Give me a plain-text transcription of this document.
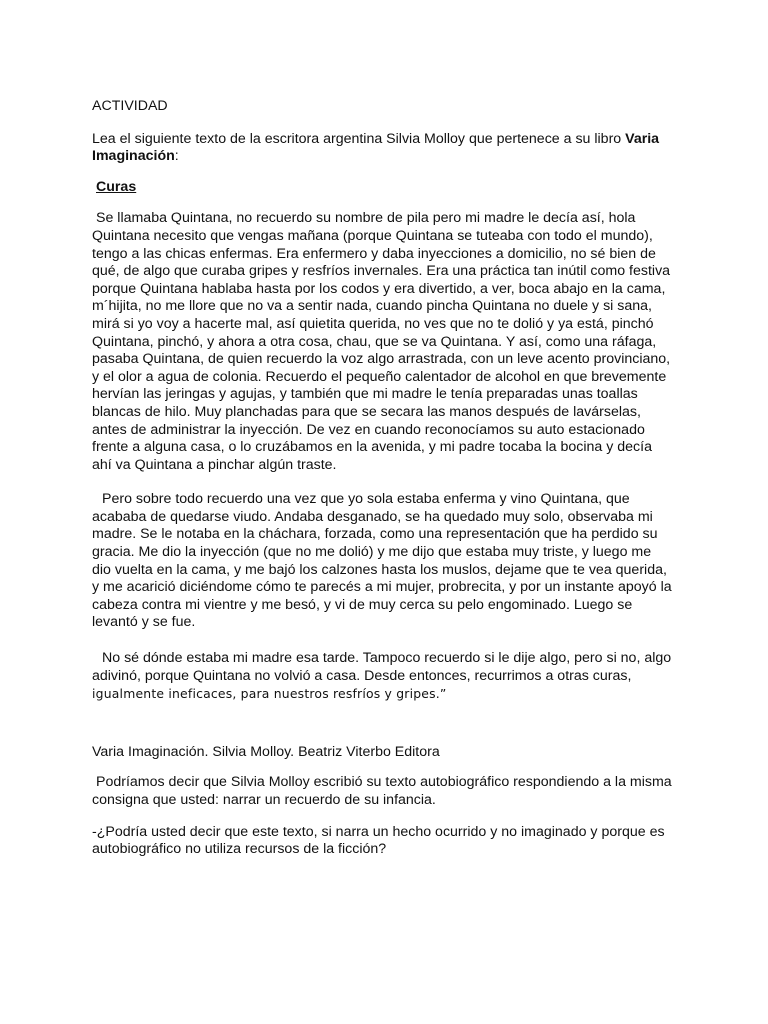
ACTIVIDAD
Lea el siguiente texto de la escritora argentina Silvia Molloy que pertenece a su libro Varia Imaginación:
Curas
Se llamaba Quintana, no recuerdo su nombre de pila pero mi madre le decía así, hola Quintana necesito que vengas mañana (porque Quintana se tuteaba con todo el mundo), tengo a las chicas enfermas. Era enfermero y daba inyecciones a domicilio, no sé bien de qué, de algo que curaba gripes y resfríos invernales. Era una práctica tan inútil como festiva porque Quintana hablaba hasta por los codos y era divertido, a ver, boca abajo en la cama, m´hijita, no me llore que no va a sentir nada, cuando pincha Quintana no duele y si sana, mirá si yo voy a hacerte mal, así quietita querida, no ves que no te dolió y ya está, pinchó Quintana, pinchó, y ahora a otra cosa, chau, que se va Quintana. Y así, como una ráfaga, pasaba Quintana, de quien recuerdo la voz algo arrastrada, con un leve acento provinciano, y el olor a agua de colonia. Recuerdo el pequeño calentador de alcohol en que brevemente hervían las jeringas y agujas, y también que mi madre le tenía preparadas unas toallas blancas de hilo. Muy planchadas para que se secara las manos después de lavárselas, antes de administrar la inyección. De vez en cuando reconocíamos su auto estacionado frente a alguna casa, o lo cruzábamos en la avenida, y mi padre tocaba la bocina y decía ahí va Quintana a pinchar algún traste.
Pero sobre todo recuerdo una vez que yo sola estaba enferma y vino Quintana, que acababa de quedarse viudo. Andaba desganado, se ha quedado muy solo, observaba mi madre. Se le notaba en la cháchara, forzada, como una representación que ha perdido su gracia. Me dio la inyección (que no me dolió) y me dijo que estaba muy triste, y luego me dio vuelta en la cama, y me bajó los calzones hasta los muslos, dejame que te vea querida, y me acarició diciéndome cómo te parecés a mi mujer, probrecita, y por un instante apoyó la cabeza contra mi vientre y me besó, y vi de muy cerca su pelo engominado. Luego se levantó y se fue.
No sé dónde estaba mi madre esa tarde. Tampoco recuerdo si le dije algo, pero si no, algo adivinó, porque Quintana no volvió a casa. Desde entonces, recurrimos a otras curas,
igualmente ineficaces, para nuestros resfríos y gripes.”
Varia Imaginación. Silvia Molloy. Beatriz Viterbo Editora
Podríamos decir que Silvia Molloy escribió su texto autobiográfico respondiendo a la misma consigna que usted: narrar un recuerdo de su infancia.
-¿Podría usted decir que este texto, si narra un hecho ocurrido y no imaginado y porque es autobiográfico no utiliza recursos de la ficción?
